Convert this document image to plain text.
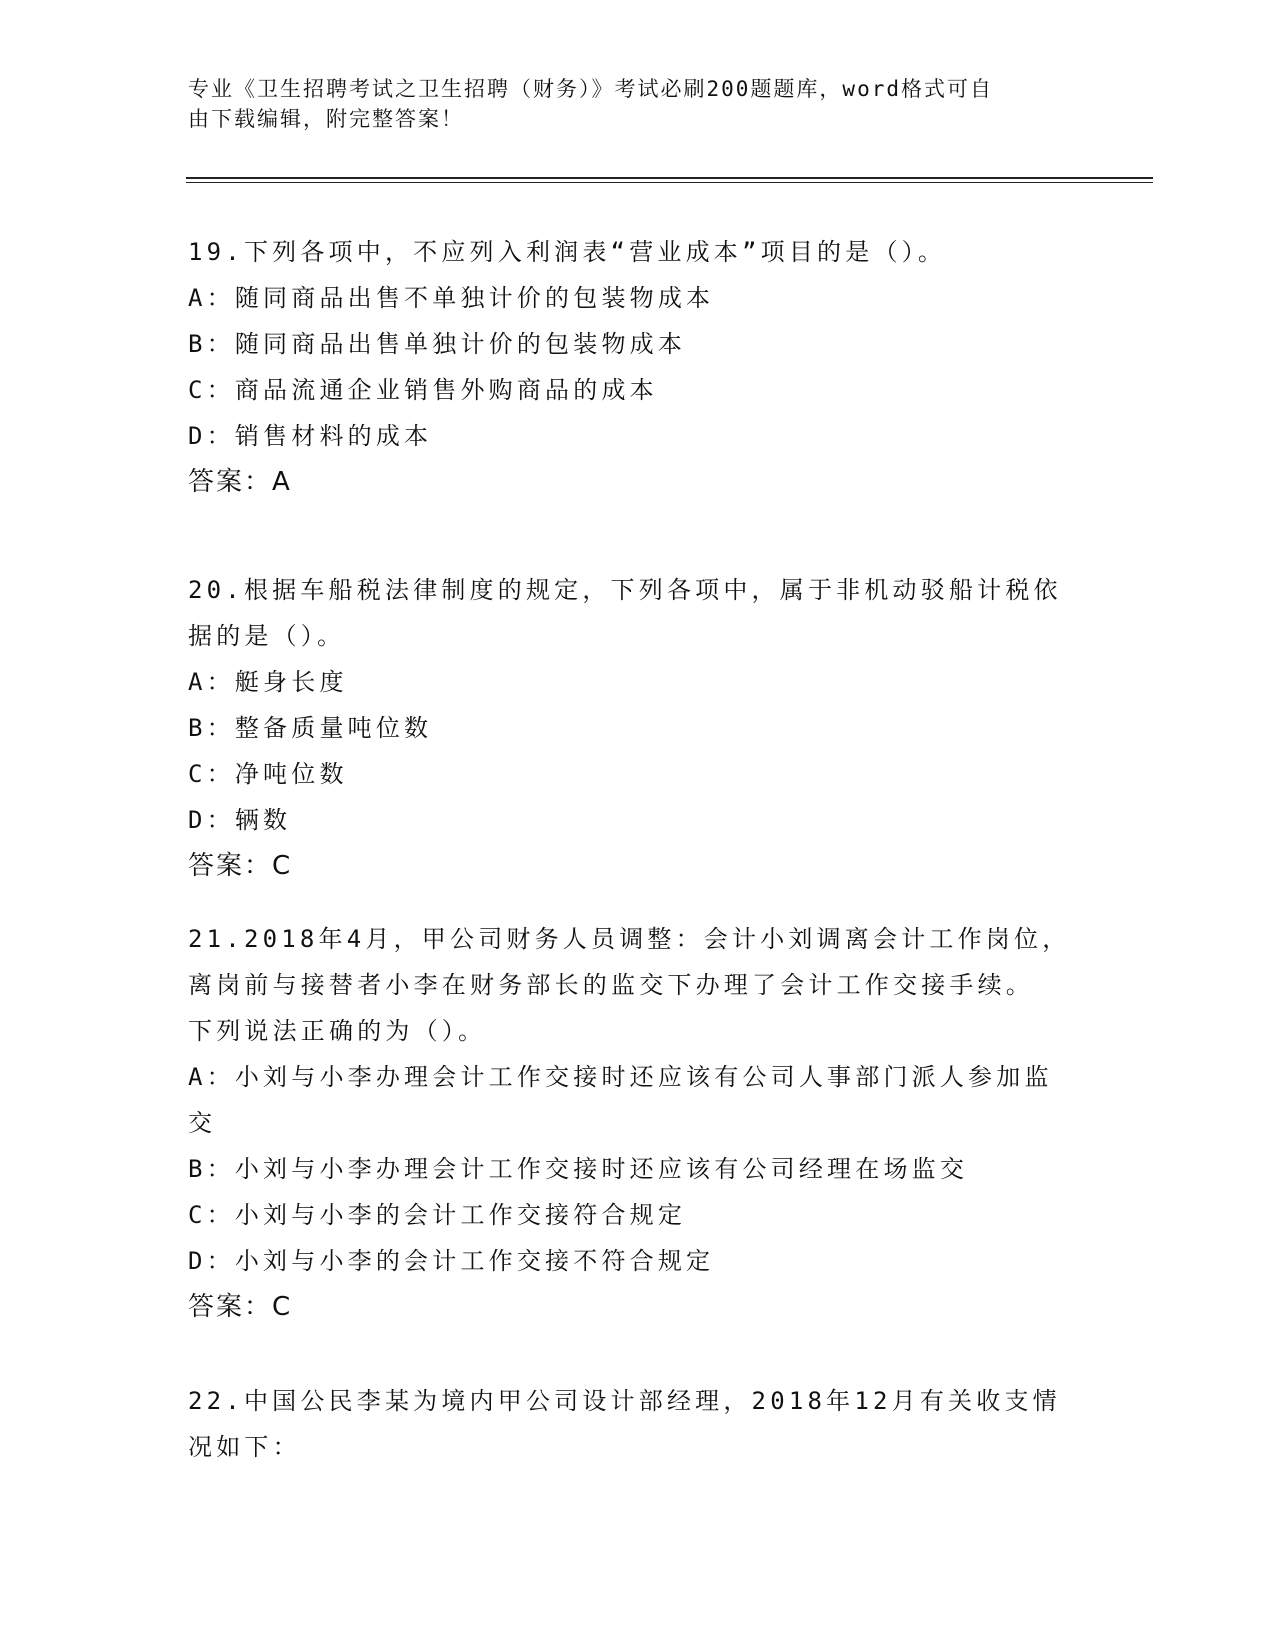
专业《卫生招聘考试之卫生招聘（财务）》考试必刷200题题库，word格式可自
由下载编辑，附完整答案！
19.下列各项中，不应列入利润表“营业成本”项目的是（）。
A：随同商品出售不单独计价的包装物成本
B：随同商品出售单独计价的包装物成本
C：商品流通企业销售外购商品的成本
D：销售材料的成本
答案：A
20.根据车船税法律制度的规定，下列各项中，属于非机动驳船计税依
据的是（）。
A：艇身长度
B：整备质量吨位数
C：净吨位数
D：辆数
答案：C
21.2018年4月，甲公司财务人员调整：会计小刘调离会计工作岗位，
离岗前与接替者小李在财务部长的监交下办理了会计工作交接手续。
下列说法正确的为（）。
A：小刘与小李办理会计工作交接时还应该有公司人事部门派人参加监
交
B：小刘与小李办理会计工作交接时还应该有公司经理在场监交
C：小刘与小李的会计工作交接符合规定
D：小刘与小李的会计工作交接不符合规定
答案：C
22.中国公民李某为境内甲公司设计部经理，2018年12月有关收支情
况如下：
